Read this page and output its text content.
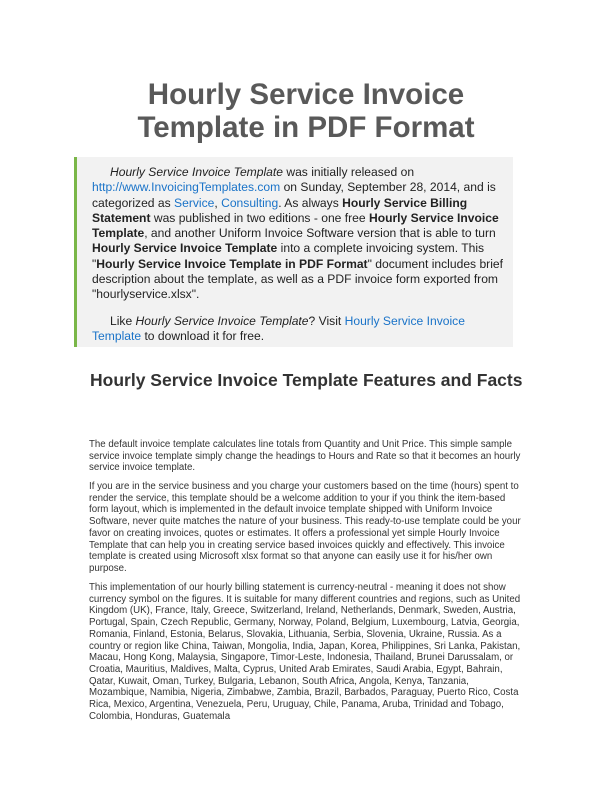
Hourly Service Invoice
Template in PDF Format

Hourly Service Invoice Template was initially released on http://www.InvoicingTemplates.com on Sunday, September 28, 2014, and is categorized as Service, Consulting. As always Hourly Service Billing Statement was published in two editions - one free Hourly Service Invoice Template, and another Uniform Invoice Software version that is able to turn Hourly Service Invoice Template into a complete invoicing system. This "Hourly Service Invoice Template in PDF Format" document includes brief description about the template, as well as a PDF invoice form exported from "hourlyservice.xlsx".

Like Hourly Service Invoice Template? Visit Hourly Service Invoice Template to download it for free.

Hourly Service Invoice Template Features and Facts

The default invoice template calculates line totals from Quantity and Unit Price. This simple sample service invoice template simply change the headings to Hours and Rate so that it becomes an hourly service invoice template.

If you are in the service business and you charge your customers based on the time (hours) spent to render the service, this template should be a welcome addition to your if you think the item-based form layout, which is implemented in the default invoice template shipped with Uniform Invoice Software, never quite matches the nature of your business. This ready-to-use template could be your favor on creating invoices, quotes or estimates. It offers a professional yet simple Hourly Invoice Template that can help you in creating service based invoices quickly and effectively. This invoice template is created using Microsoft xlsx format so that anyone can easily use it for his/her own purpose.

This implementation of our hourly billing statement is currency-neutral - meaning it does not show currency symbol on the figures. It is suitable for many different countries and regions, such as United Kingdom (UK), France, Italy, Greece, Switzerland, Ireland, Netherlands, Denmark, Sweden, Austria, Portugal, Spain, Czech Republic, Germany, Norway, Poland, Belgium, Luxembourg, Latvia, Georgia, Romania, Finland, Estonia, Belarus, Slovakia, Lithuania, Serbia, Slovenia, Ukraine, Russia. As a country or region like China, Taiwan, Mongolia, India, Japan, Korea, Philippines, Sri Lanka, Pakistan, Macau, Hong Kong, Malaysia, Singapore, Timor-Leste, Indonesia, Thailand, Brunei Darussalam, or Croatia, Mauritius, Maldives, Malta, Cyprus, United Arab Emirates, Saudi Arabia, Egypt, Bahrain, Qatar, Kuwait, Oman, Turkey, Bulgaria, Lebanon, South Africa, Angola, Kenya, Tanzania, Mozambique, Namibia, Nigeria, Zimbabwe, Zambia, Brazil, Barbados, Paraguay, Puerto Rico, Costa Rica, Mexico, Argentina, Venezuela, Peru, Uruguay, Chile, Panama, Aruba, Trinidad and Tobago, Colombia, Honduras, Guatemala
